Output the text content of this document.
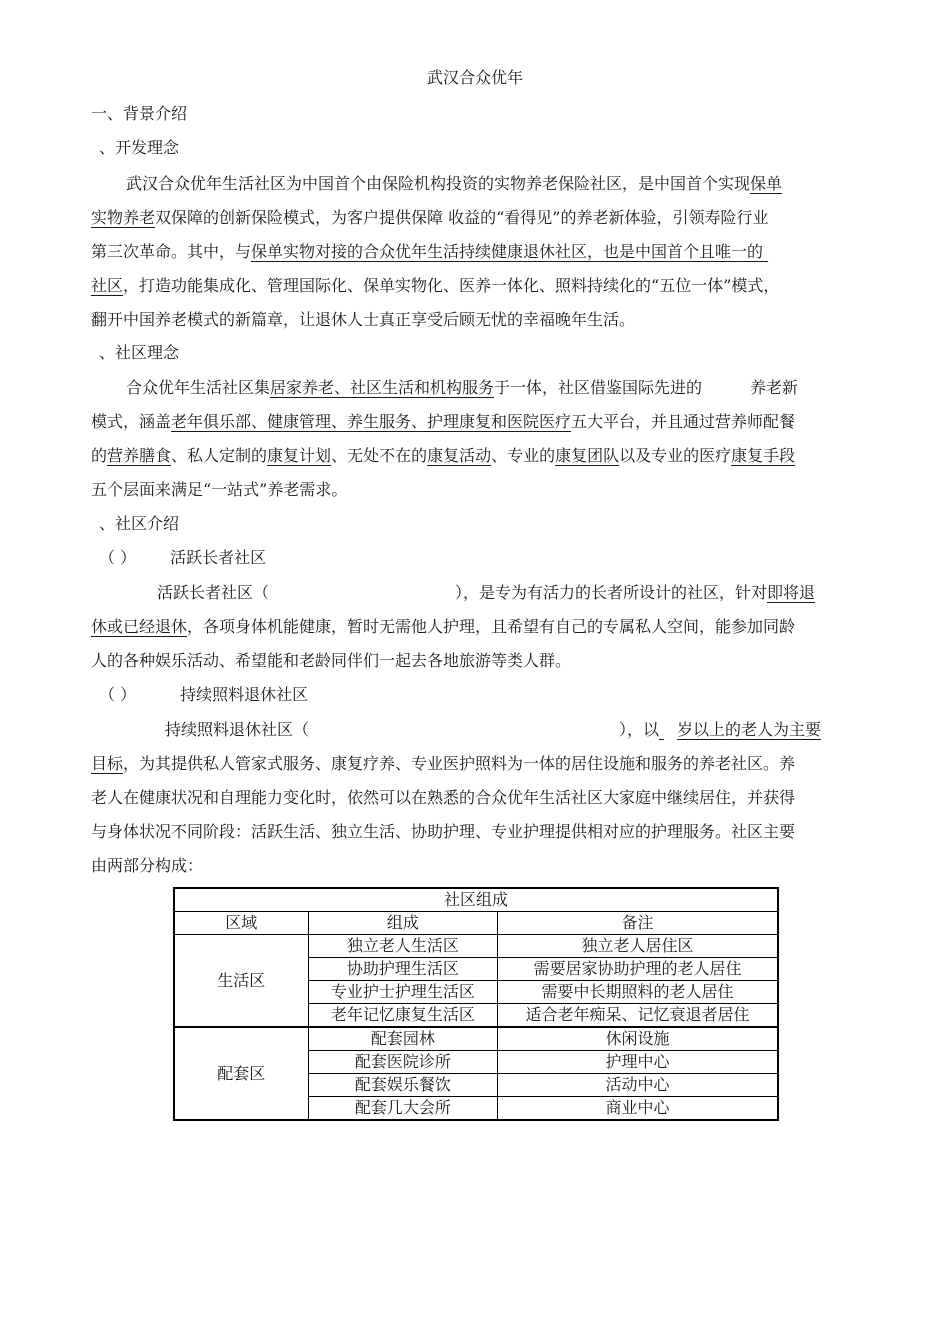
武汉合众优年
一、背景介绍
、开发理念
武汉合众优年生活社区为中国首个由保险机构投资的实物养老保险社区，是中国首个实现保单
实物养老双保障的创新保险模式，为客户提供保障 收益的“看得见”的养老新体验，引领寿险行业
第三次革命。其中，与保单实物对接的合众优年生活持续健康退休社区，也是中国首个且唯一的
社区，打造功能集成化、管理国际化、保单实物化、医养一体化、照料持续化的“五位一体”模式，
翻开中国养老模式的新篇章，让退休人士真正享受后顾无忧的幸福晚年生活。
、社区理念
合众优年生活社区集居家养老、社区生活和机构服务于一体，社区借鉴国际先进的	养老新
模式，涵盖老年俱乐部、健康管理、养生服务、护理康复和医院医疗五大平台，并且通过营养师配餐
的营养膳食、私人定制的康复计划、无处不在的康复活动、专业的康复团队以及专业的医疗康复手段
五个层面来满足“一站式”养老需求。
、社区介绍
（ ） 活跃长者社区
活跃长者社区（	），是专为有活力的长者所设计的社区，针对即将退
休或已经退休，各项身体机能健康，暂时无需他人护理，且希望有自己的专属私人空间，能参加同龄
人的各种娱乐活动、希望能和老龄同伴们一起去各地旅游等类人群。
（ ）	持续照料退休社区
持续照料退休社区（	），以 岁以上的老人为主要
目标，为其提供私人管家式服务、康复疗养、专业医护照料为一体的居住设施和服务的养老社区。养
老人在健康状况和自理能力变化时，依然可以在熟悉的合众优年生活社区大家庭中继续居住，并获得
与身体状况不同阶段：活跃生活、独立生活、协助护理、专业护理提供相对应的护理服务。社区主要
由两部分构成：
社区组成		
区域	组成	备注
生活区	独立老人生活区	独立老人居住区
	协助护理生活区	需要居家协助护理的老人居住
	专业护士护理生活区	需要中长期照料的老人居住
	老年记忆康复生活区	适合老年痴呆、记忆衰退者居住
配套区	配套园林	休闲设施
	配套医院诊所	护理中心
	配套娱乐餐饮	活动中心
	配套几大会所	商业中心
